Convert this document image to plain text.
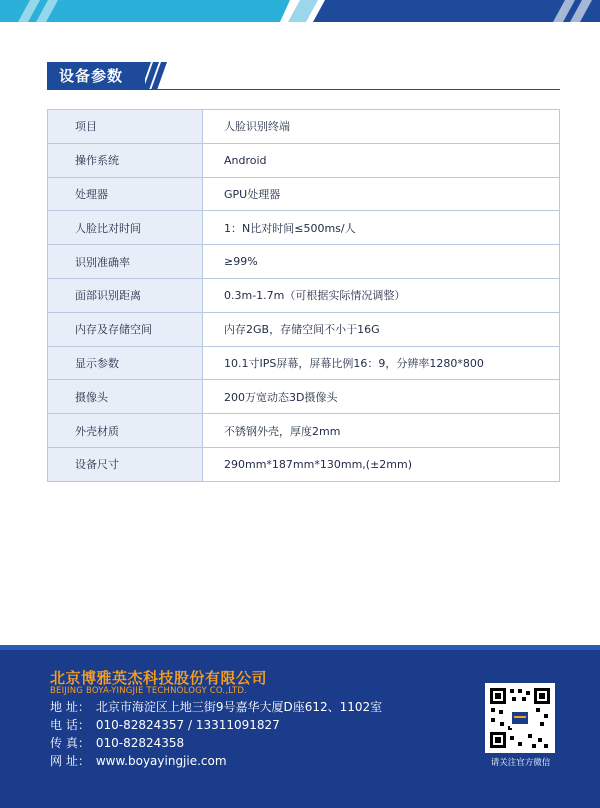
设备参数
项目	人脸识别终端
操作系统	Android
处理器	GPU处理器
人脸比对时间	1：N比对时间≤500ms/人
识别准确率	≥99%
面部识别距离	0.3m-1.7m（可根据实际情况调整）
内存及存储空间	内存2GB，存储空间不小于16G
显示参数	10.1寸IPS屏幕，屏幕比例16：9，分辨率1280*800
摄像头	200万宽动态3D摄像头
外壳材质	不锈钢外壳，厚度2mm
设备尺寸	290mm*187mm*130mm,(±2mm)
北京博雅英杰科技股份有限公司
BEIJING BOYA-YINGJIE TECHNOLOGY CO.,LTD.
地 址： 北京市海淀区上地三街9号嘉华大厦D座612、1102室
电 话： 010-82824357 / 13311091827
传 真： 010-82824358
网 址： www.boyayingjie.com	请关注官方微信
